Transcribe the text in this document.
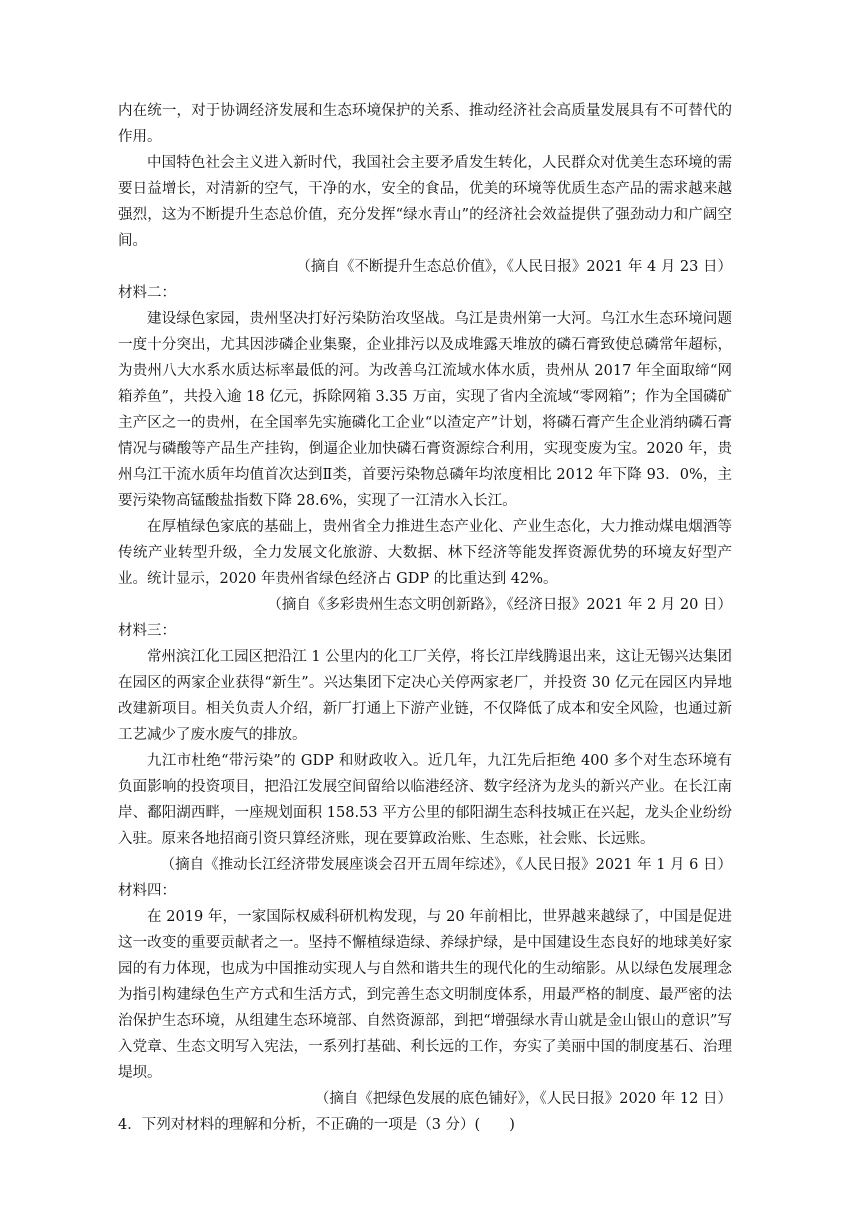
内在统一，对于协调经济发展和生态环境保护的关系、推动经济社会高质量发展具有不可替代的作用。

中国特色社会主义进入新时代，我国社会主要矛盾发生转化，人民群众对优美生态环境的需要日益增长，对清新的空气，干净的水，安全的食品，优美的环境等优质生态产品的需求越来越强烈，这为不断提升生态总价值，充分发挥“绿水青山”的经济社会效益提供了强劲动力和广阔空间。

（摘自《不断提升生态总价值》，《人民日报》2021 年 4 月 23 日）

材料二：

建设绿色家园，贵州坚决打好污染防治攻坚战。乌江是贵州第一大河。乌江水生态环境问题一度十分突出，尤其因涉磷企业集聚，企业排污以及成堆露天堆放的磷石膏致使总磷常年超标，为贵州八大水系水质达标率最低的河。为改善乌江流域水体水质，贵州从 2017 年全面取缔“网箱养鱼”，共投入逾 18 亿元，拆除网箱 3.35 万亩，实现了省内全流域“零网箱”；作为全国磷矿主产区之一的贵州，在全国率先实施磷化工企业“以渣定产”计划，将磷石膏产生企业消纳磷石膏情况与磷酸等产品生产挂钩，倒逼企业加快磷石膏资源综合利用，实现变废为宝。2020 年，贵州乌江干流水质年均值首次达到Ⅱ类，首要污染物总磷年均浓度相比 2012 年下降 93．0%，主要污染物高锰酸盐指数下降 28.6%，实现了一江清水入长江。

在厚植绿色家底的基础上，贵州省全力推进生态产业化、产业生态化，大力推动煤电烟酒等传统产业转型升级，全力发展文化旅游、大数据、林下经济等能发挥资源优势的环境友好型产业。统计显示，2020 年贵州省绿色经济占 GDP 的比重达到 42%。

（摘自《多彩贵州生态文明创新路》，《经济日报》2021 年 2 月 20 日）

材料三：

常州滨江化工园区把沿江 1 公里内的化工厂关停，将长江岸线腾退出来，这让无锡兴达集团在园区的两家企业获得“新生”。兴达集团下定决心关停两家老厂，并投资 30 亿元在园区内异地改建新项目。相关负责人介绍，新厂打通上下游产业链，不仅降低了成本和安全风险，也通过新工艺减少了废水废气的排放。

九江市杜绝“带污染”的 GDP 和财政收入。近几年，九江先后拒绝 400 多个对生态环境有负面影响的投资项目，把沿江发展空间留给以临港经济、数字经济为龙头的新兴产业。在长江南岸、鄱阳湖西畔，一座规划面积 158.53 平方公里的郁阳湖生态科技城正在兴起，龙头企业纷纷入驻。原来各地招商引资只算经济账，现在要算政治账、生态账，社会账、长远账。

（摘自《推动长江经济带发展座谈会召开五周年综述》，《人民日报》2021 年 1 月 6 日）

材料四：

在 2019 年，一家国际权威科研机构发现，与 20 年前相比，世界越来越绿了，中国是促进这一改变的重要贡献者之一。坚持不懈植绿造绿、养绿护绿，是中国建设生态良好的地球美好家园的有力体现，也成为中国推动实现人与自然和谐共生的现代化的生动缩影。从以绿色发展理念为指引构建绿色生产方式和生活方式，到完善生态文明制度体系，用最严格的制度、最严密的法治保护生态环境，从组建生态环境部、自然资源部，到把“增强绿水青山就是金山银山的意识”写入党章、生态文明写入宪法，一系列打基础、利长远的工作，夯实了美丽中国的制度基石、治理堤坝。

（摘自《把绿色发展的底色铺好》，《人民日报》2020 年 12 日）

4．下列对材料的理解和分析，不正确的一项是（3 分）(　　)
